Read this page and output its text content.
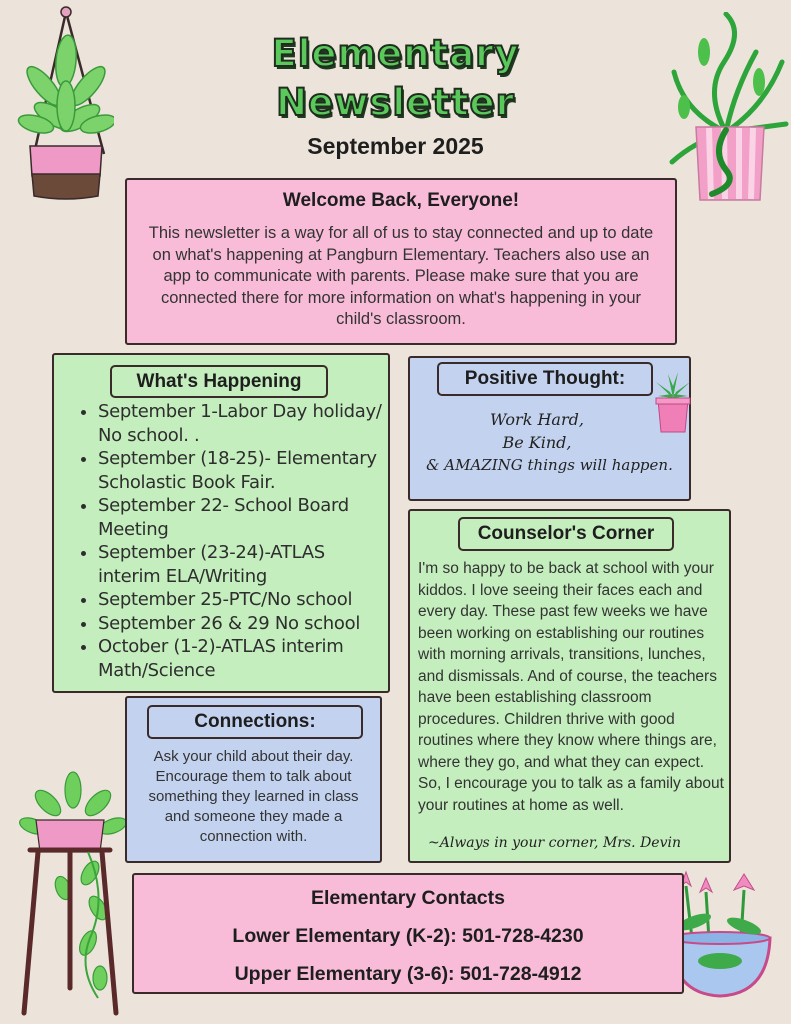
Elementary
Newsletter
September 2025
Welcome Back, Everyone!
This newsletter is a way for all of us to stay connected and up to date on what's happening at Pangburn Elementary. Teachers also use an app to communicate with parents. Please make sure that you are connected there for more information on what's happening in your child's classroom.
What's Happening
• September 1-Labor Day holiday/ No school. .
• September (18-25)- Elementary Scholastic Book Fair.
• September 22- School Board Meeting
• September (23-24)-ATLAS interim ELA/Writing
• September 25-PTC/No school
• September 26 & 29 No school
• October (1-2)-ATLAS interim Math/Science
Positive Thought:
Work Hard,
Be Kind,
& AMAZING things will happen.
Counselor's Corner
I'm so happy to be back at school with your kiddos. I love seeing their faces each and every day. These past few weeks we have been working on establishing our routines with morning arrivals, transitions, lunches, and dismissals. And of course, the teachers have been establishing classroom procedures. Children thrive with good routines where they know where things are, where they go, and what they can expect. So, I encourage you to talk as a family about your routines at home as well.
~Always in your corner, Mrs. Devin
Connections:
Ask your child about their day. Encourage them to talk about something they learned in class and someone they made a connection with.
Elementary Contacts
Lower Elementary (K-2): 501-728-4230
Upper Elementary (3-6): 501-728-4912
